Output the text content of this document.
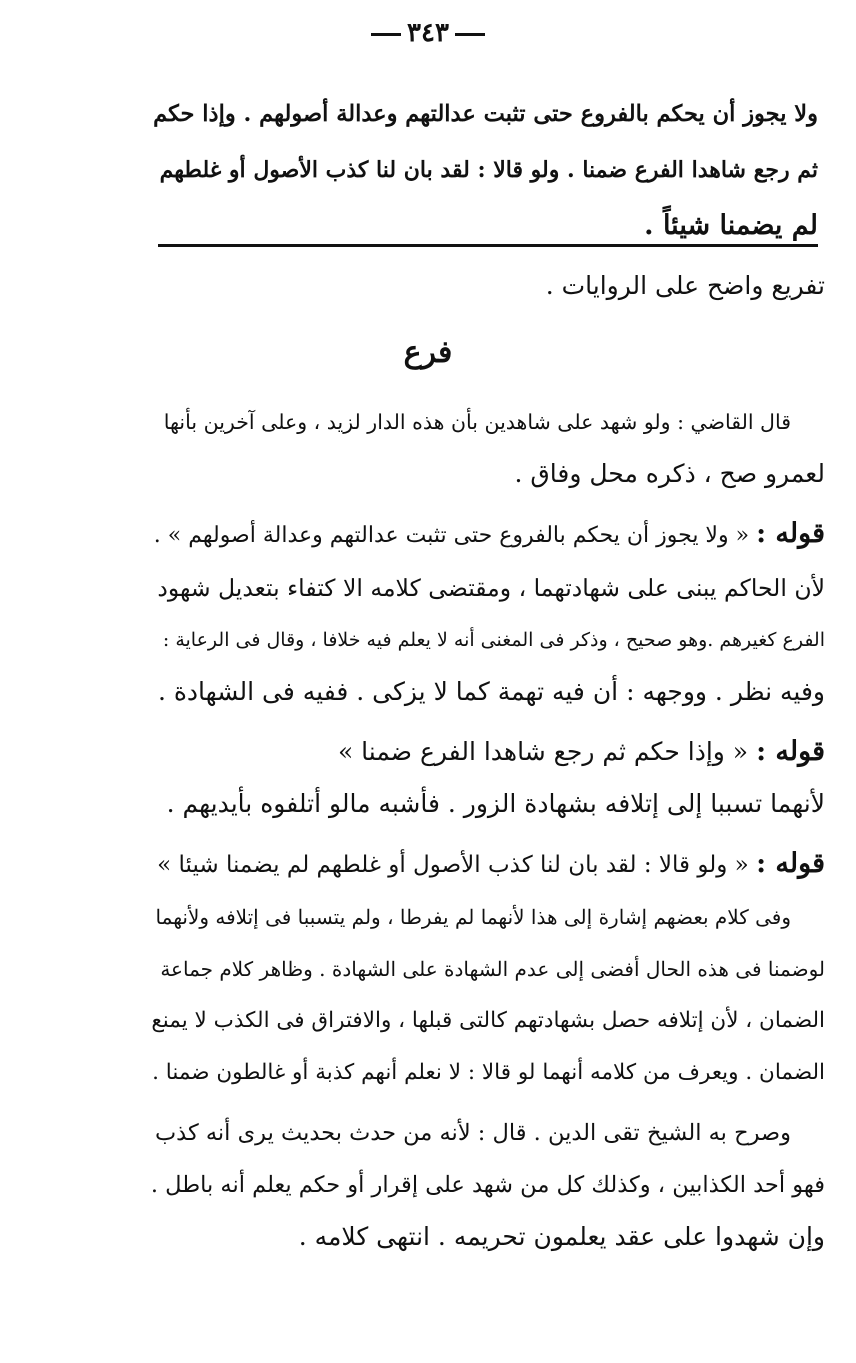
٣٤٣
ولا يجوز أن يحكم بالفروع حتى تثبت عدالتهم وعدالة أصولهم . وإذا حكم
ثم رجع شاهدا الفرع ضمنا . ولو قالا : لقد بان لنا كذب الأصول أو غلطهم
لم يضمنا شيئاً .
تفريع واضح على الروايات .
فرع
قال القاضي : ولو شهد على شاهدين بأن هذه الدار لزيد ، وعلى آخرين بأنها
لعمرو صح ، ذكره محل وفاق .
قوله : « ولا يجوز أن يحكم بالفروع حتى تثبت عدالتهم وعدالة أصولهم » .
لأن الحاكم يبنى على شهادتهما ، ومقتضى كلامه الا كتفاء بتعديل شهود
الفرع كغيرهم .وهو صحيح ، وذكر فى المغنى أنه لا يعلم فيه خلافا ، وقال فى الرعاية :
وفيه نظر . ووجهه : أن فيه تهمة كما لا يزكى . ففيه فى الشهادة .
قوله : « وإذا حكم ثم رجع شاهدا الفرع ضمنا »
لأنهما تسببا إلى إتلافه بشهادة الزور . فأشبه مالو أتلفوه بأيديهم .
قوله : « ولو قالا : لقد بان لنا كذب الأصول أو غلطهم لم يضمنا شيئا »
وفى كلام بعضهم إشارة إلى هذا لأنهما لم يفرطا ، ولم يتسببا فى إتلافه ولأنهما
لوضمنا فى هذه الحال أفضى إلى عدم الشهادة على الشهادة . وظاهر كلام جماعة
الضمان ، لأن إتلافه حصل بشهادتهم كالتى قبلها ، والافتراق فى الكذب لا يمنع
الضمان . ويعرف من كلامه أنهما لو قالا : لا نعلم أنهم كذبة أو غالطون ضمنا .
وصرح به الشيخ تقى الدين . قال : لأنه من حدث بحديث يرى أنه كذب
فهو أحد الكذابين ، وكذلك كل من شهد على إقرار أو حكم يعلم أنه باطل .
وإن شهدوا على عقد يعلمون تحريمه . انتهى كلامه .
